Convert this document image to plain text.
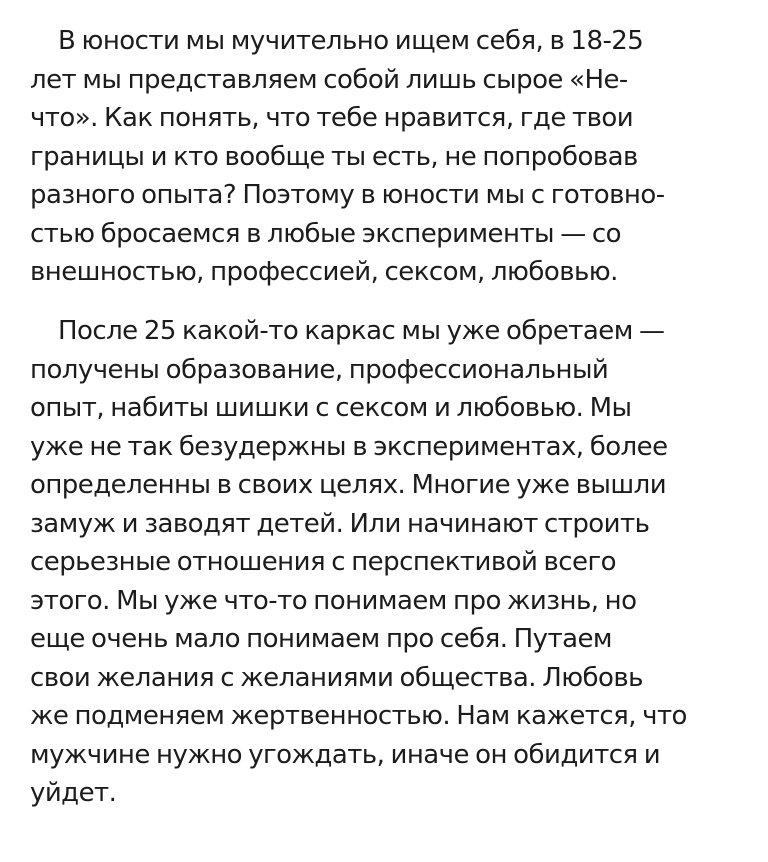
В юности мы мучительно ищем себя, в 18-25
лет мы представляем собой лишь сырое «Не-
что». Как понять, что тебе нравится, где твои
границы и кто вообще ты есть, не попробовав
разного опыта? Поэтому в юности мы с готовно-
стью бросаемся в любые эксперименты — со
внешностью, профессией, сексом, любовью.

После 25 какой-то каркас мы уже обретаем —
получены образование, профессиональный
опыт, набиты шишки с сексом и любовью. Мы
уже не так безудержны в экспериментах, более
определенны в своих целях. Многие уже вышли
замуж и заводят детей. Или начинают строить
серьезные отношения с перспективой всего
этого. Мы уже что-то понимаем про жизнь, но
еще очень мало понимаем про себя. Путаем
свои желания с желаниями общества. Любовь
же подменяем жертвенностью. Нам кажется, что
мужчине нужно угождать, иначе он обидится и
уйдет.
